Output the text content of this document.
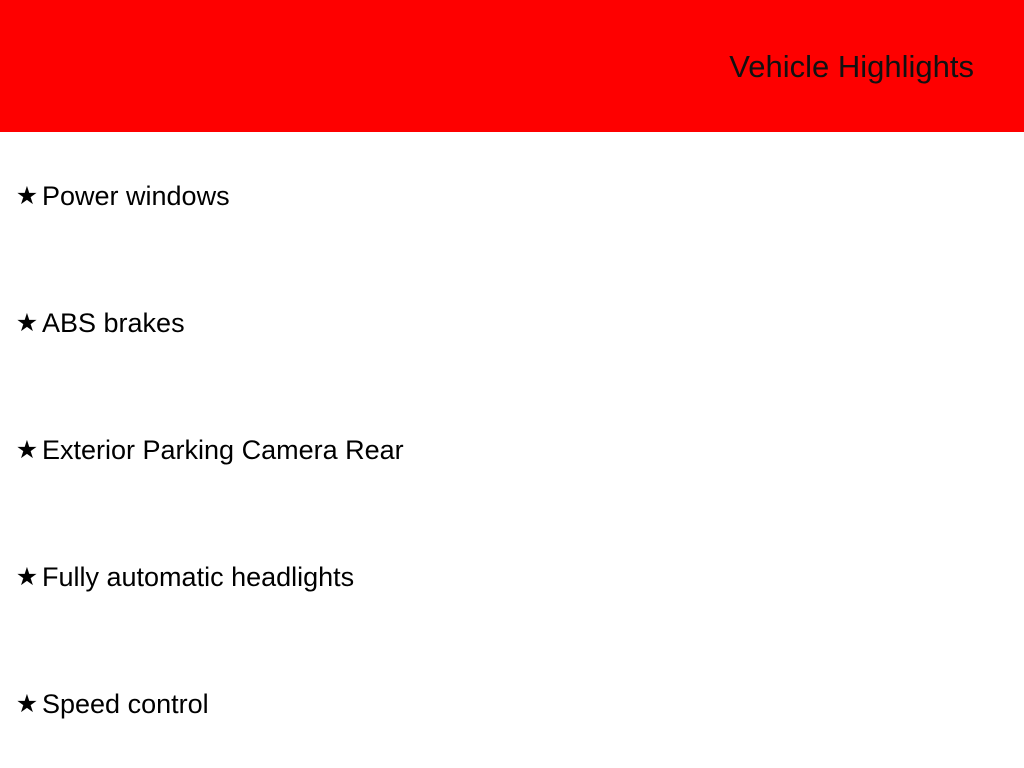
Vehicle Highlights
★ Power windows
★ ABS brakes
★ Exterior Parking Camera Rear
★ Fully automatic headlights
★ Speed control
